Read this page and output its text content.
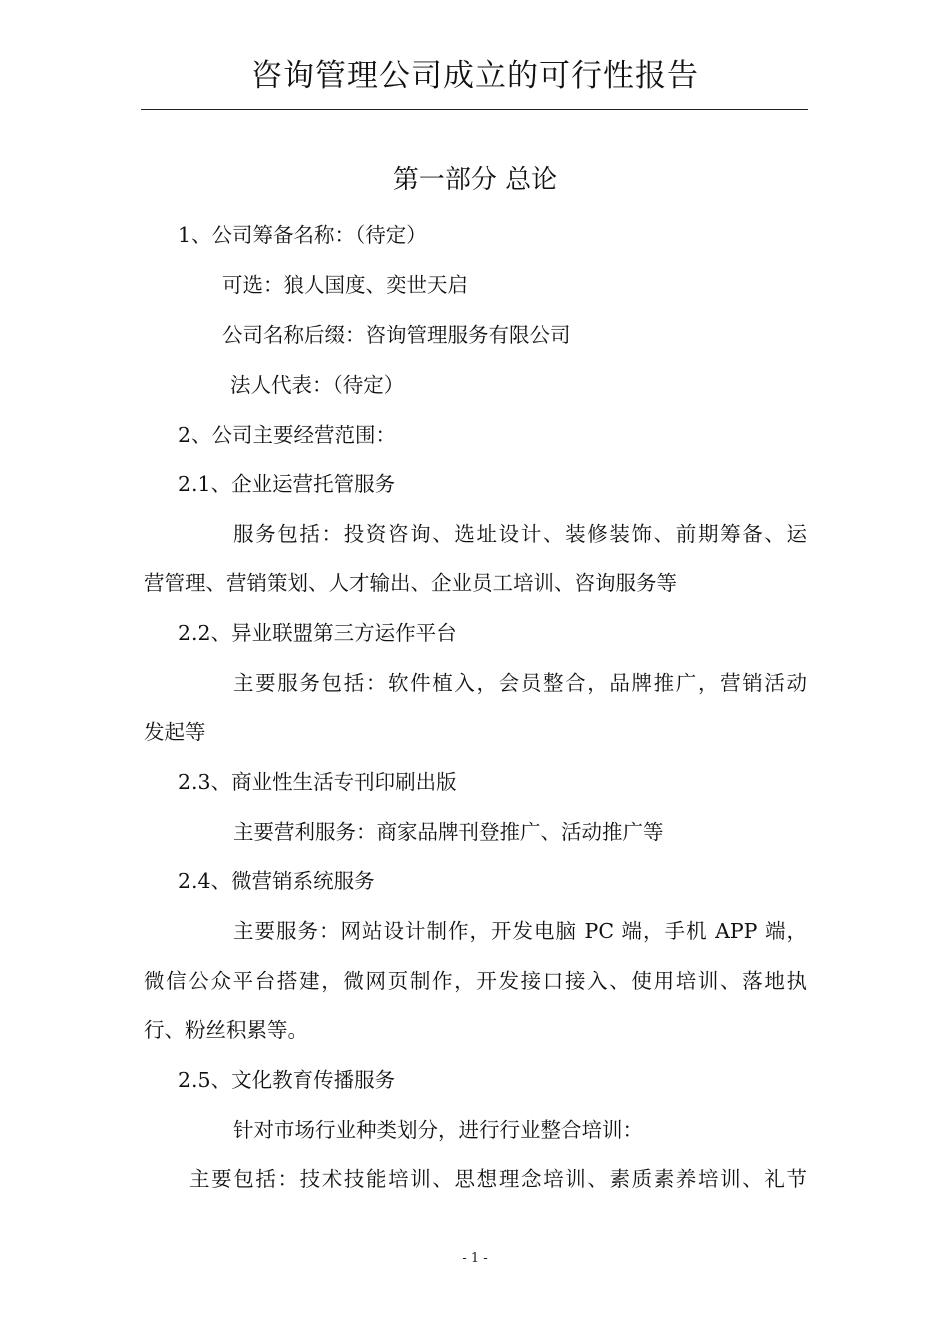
咨询管理公司成立的可行性报告
第一部分 总论
1、公司筹备名称：（待定）
可选：狼人国度、奕世天启
公司名称后缀：咨询管理服务有限公司
法人代表：（待定）
2、公司主要经营范围：
2.1、企业运营托管服务
服务包括：投资咨询、选址设计、装修装饰、前期筹备、运
营管理、营销策划、人才输出、企业员工培训、咨询服务等
2.2、异业联盟第三方运作平台
主要服务包括：软件植入，会员整合，品牌推广，营销活动
发起等
2.3、商业性生活专刊印刷出版
主要营利服务：商家品牌刊登推广、活动推广等
2.4、微营销系统服务
主要服务：网站设计制作，开发电脑 PC 端，手机 APP 端，
微信公众平台搭建，微网页制作，开发接口接入、使用培训、落地执
行、粉丝积累等。
2.5、文化教育传播服务
针对市场行业种类划分，进行行业整合培训：
主要包括：技术技能培训、思想理念培训、素质素养培训、礼节
- 1 -
